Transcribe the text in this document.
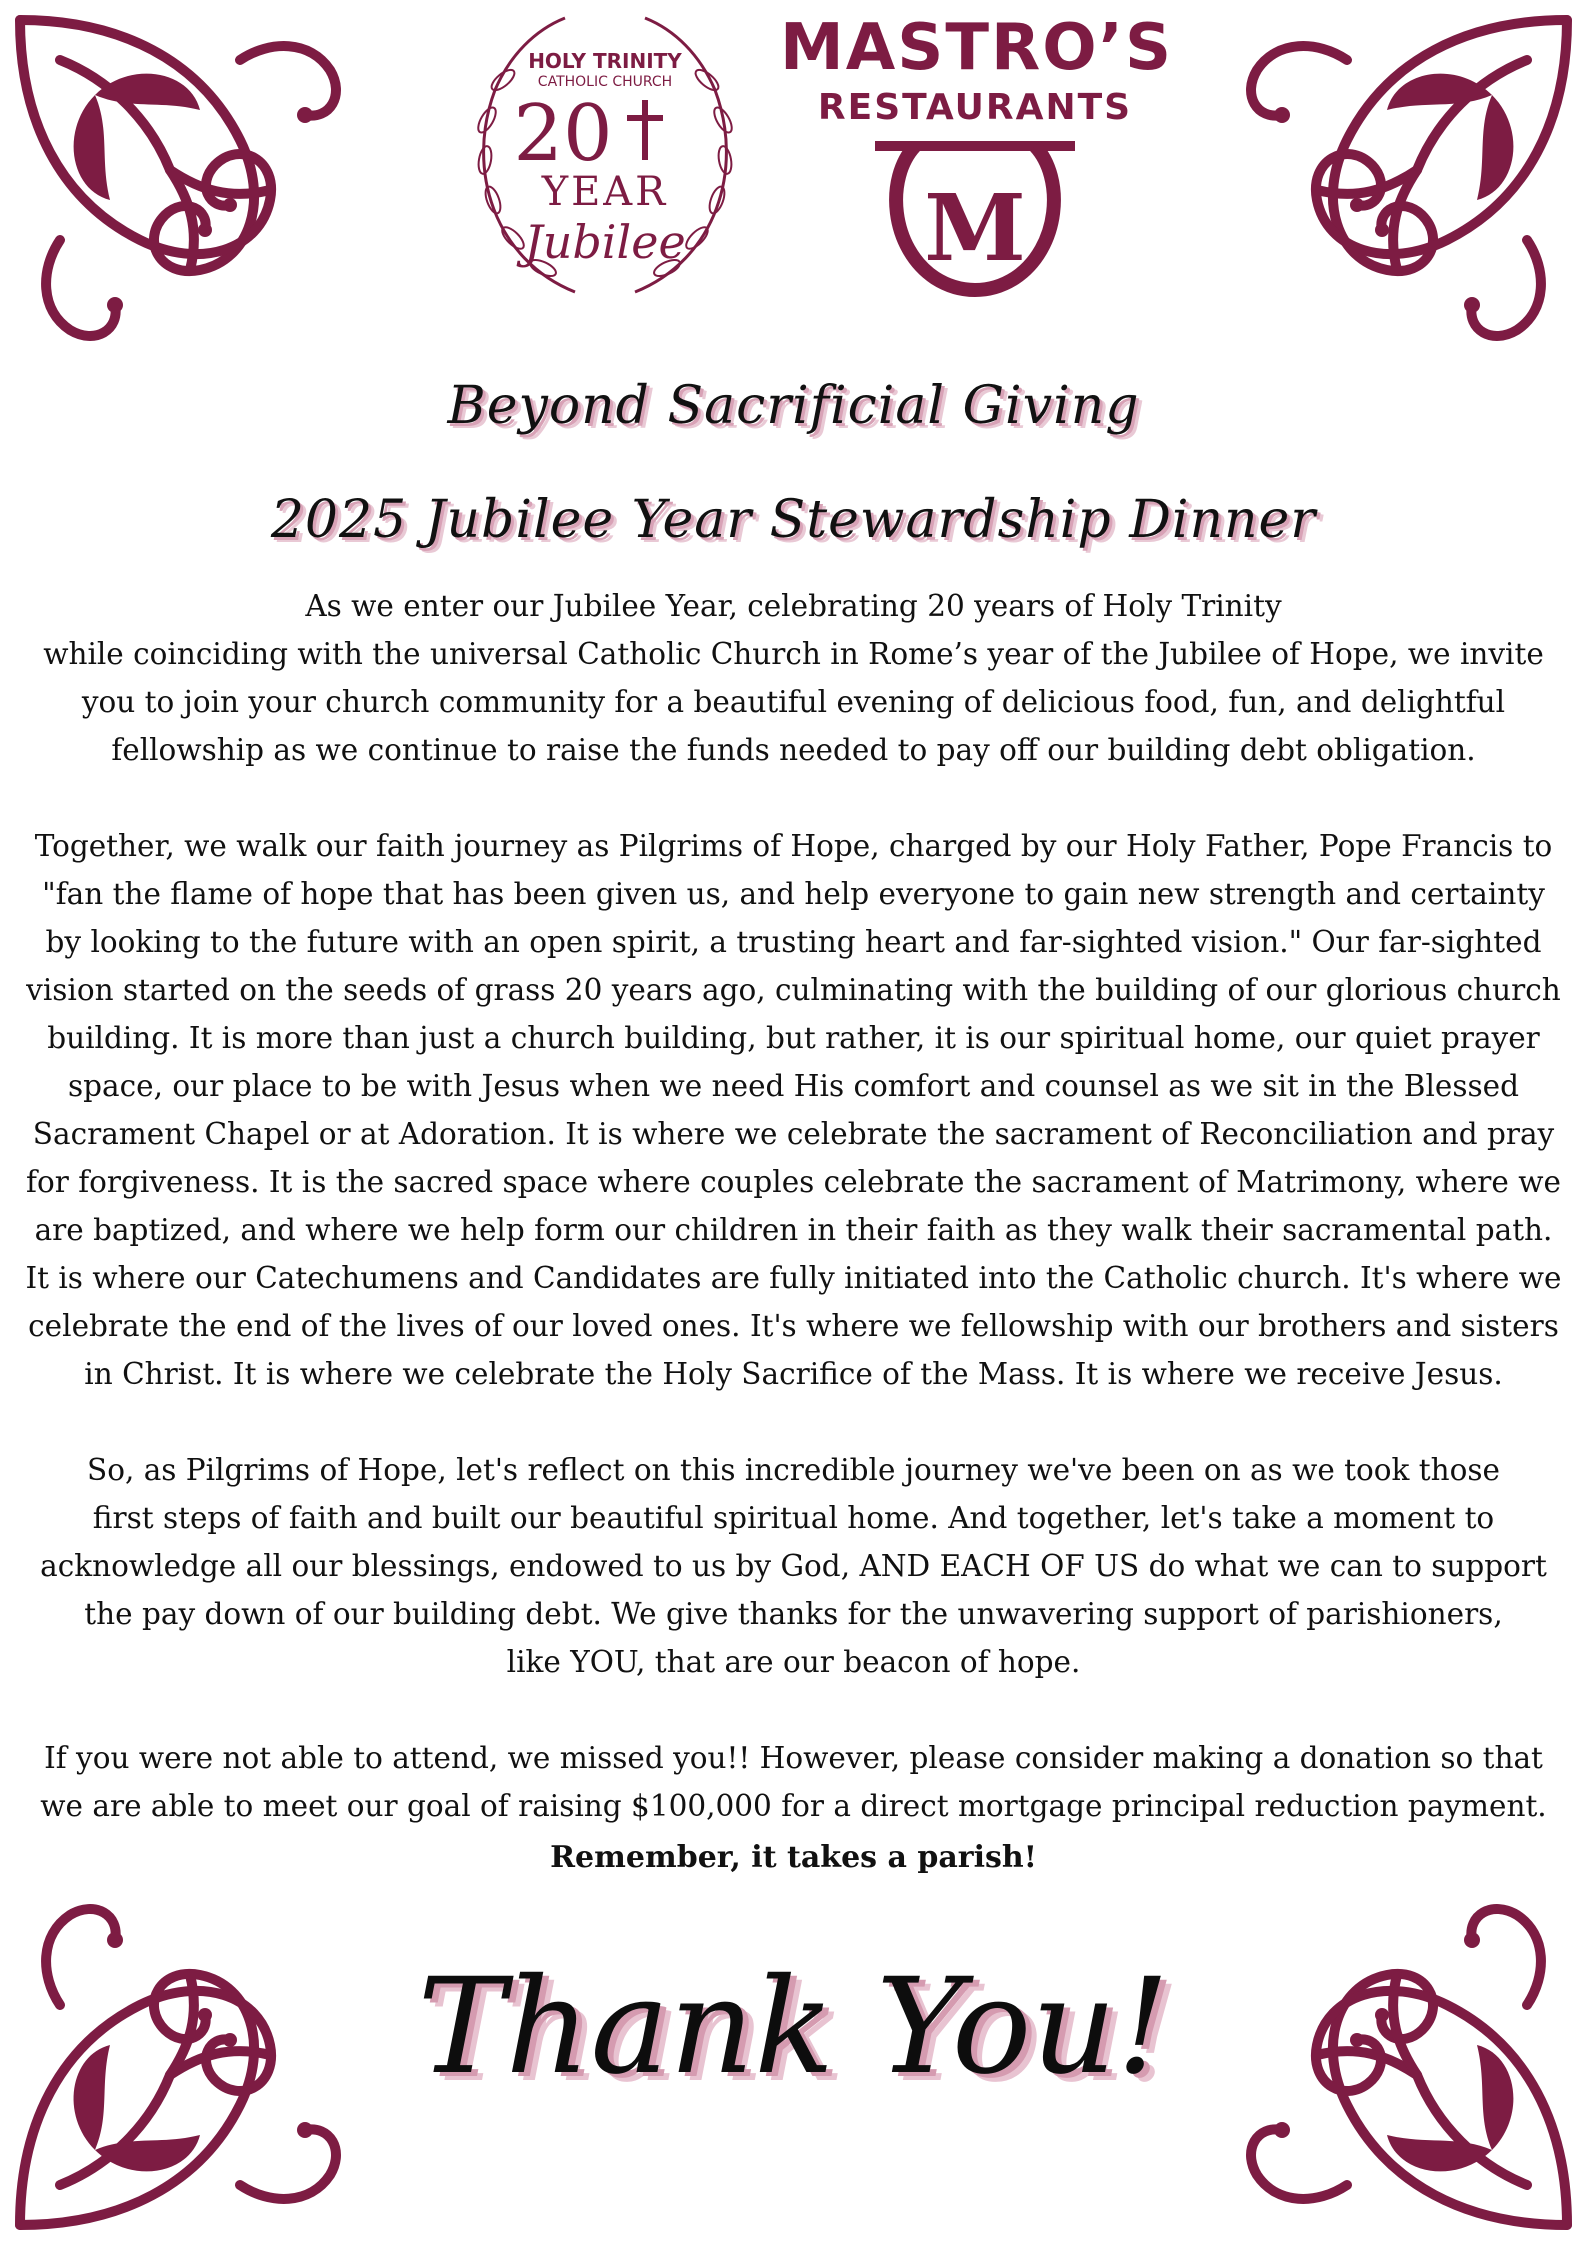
HOLY TRINITY
CATHOLIC CHURCH
20
YEAR
Jubilee
MASTRO’S
RESTAURANTS
M
Beyond Sacrificial Giving
2025 Jubilee Year Stewardship Dinner

As we enter our Jubilee Year, celebrating 20 years of Holy Trinity
while coinciding with the universal Catholic Church in Rome’s year of the Jubilee of Hope, we invite
you to join your church community for a beautiful evening of delicious food, fun, and delightful
fellowship as we continue to raise the funds needed to pay off our building debt obligation.

Together, we walk our faith journey as Pilgrims of Hope, charged by our Holy Father, Pope Francis to
"fan the flame of hope that has been given us, and help everyone to gain new strength and certainty
by looking to the future with an open spirit, a trusting heart and far-sighted vision." Our far-sighted
vision started on the seeds of grass 20 years ago, culminating with the building of our glorious church
building. It is more than just a church building, but rather, it is our spiritual home, our quiet prayer
space, our place to be with Jesus when we need His comfort and counsel as we sit in the Blessed
Sacrament Chapel or at Adoration. It is where we celebrate the sacrament of Reconciliation and pray
for forgiveness. It is the sacred space where couples celebrate the sacrament of Matrimony, where we
are baptized, and where we help form our children in their faith as they walk their sacramental path.
It is where our Catechumens and Candidates are fully initiated into the Catholic church. It's where we
celebrate the end of the lives of our loved ones. It's where we fellowship with our brothers and sisters
in Christ. It is where we celebrate the Holy Sacrifice of the Mass. It is where we receive Jesus.

So, as Pilgrims of Hope, let's reflect on this incredible journey we've been on as we took those
first steps of faith and built our beautiful spiritual home. And together, let's take a moment to
acknowledge all our blessings, endowed to us by God, AND EACH OF US do what we can to support
the pay down of our building debt. We give thanks for the unwavering support of parishioners,
like YOU, that are our beacon of hope.

If you were not able to attend, we missed you!! However, please consider making a donation so that
we are able to meet our goal of raising $100,000 for a direct mortgage principal reduction payment.

Remember, it takes a parish!
Thank You!
